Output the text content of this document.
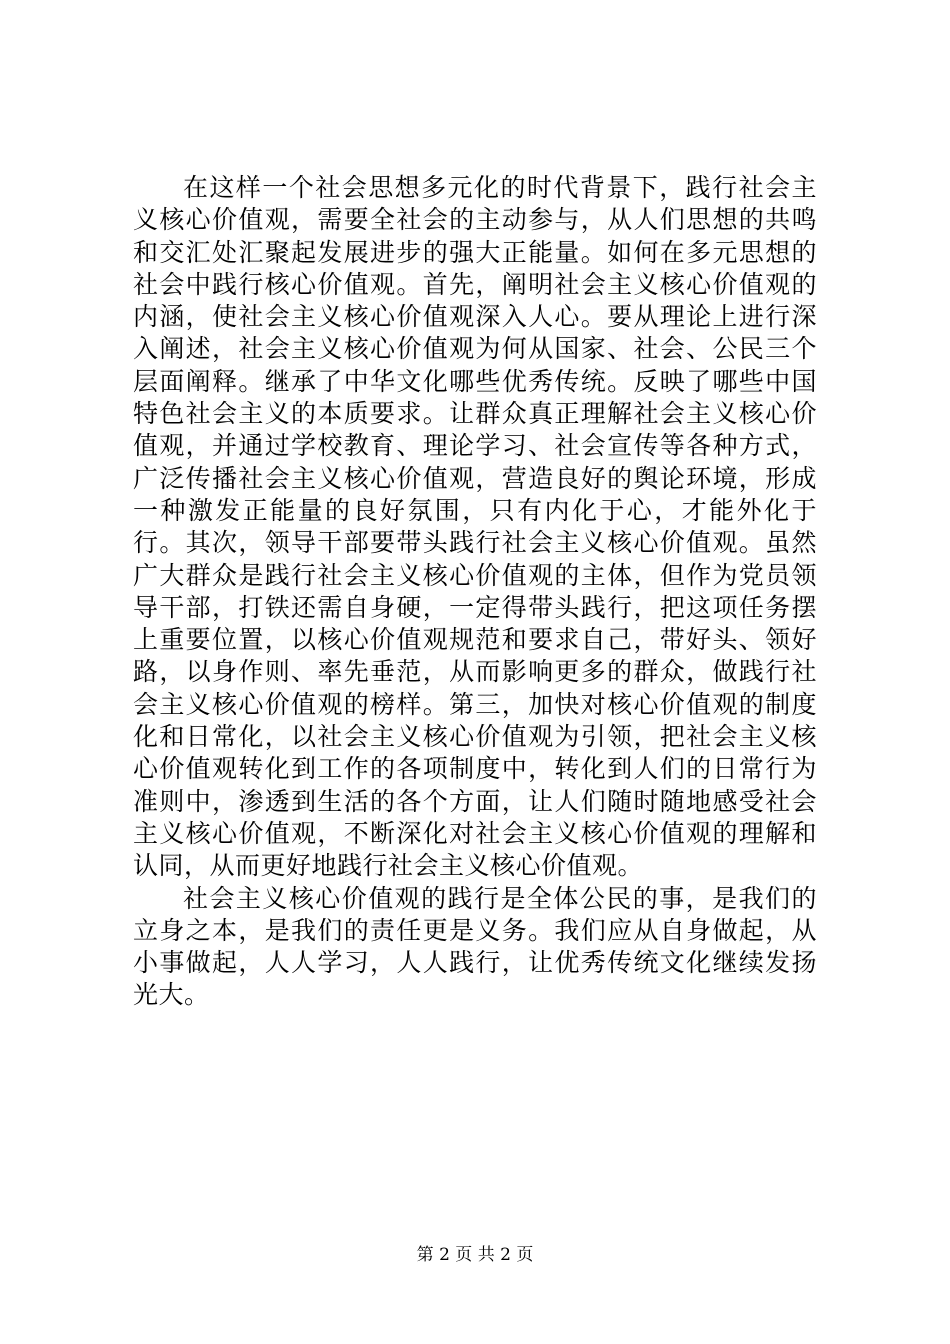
在这样一个社会思想多元化的时代背景下，践行社会主义核心价值观，需要全社会的主动参与，从人们思想的共鸣和交汇处汇聚起发展进步的强大正能量。如何在多元思想的社会中践行核心价值观。首先，阐明社会主义核心价值观的内涵，使社会主义核心价值观深入人心。要从理论上进行深入阐述，社会主义核心价值观为何从国家、社会、公民三个层面阐释。继承了中华文化哪些优秀传统。反映了哪些中国特色社会主义的本质要求。让群众真正理解社会主义核心价值观，并通过学校教育、理论学习、社会宣传等各种方式，广泛传播社会主义核心价值观，营造良好的舆论环境，形成一种激发正能量的良好氛围，只有内化于心，才能外化于行。其次，领导干部要带头践行社会主义核心价值观。虽然广大群众是践行社会主义核心价值观的主体，但作为党员领导干部，打铁还需自身硬，一定得带头践行，把这项任务摆上重要位置，以核心价值观规范和要求自己，带好头、领好路，以身作则、率先垂范，从而影响更多的群众，做践行社会主义核心价值观的榜样。第三，加快对核心价值观的制度化和日常化，以社会主义核心价值观为引领，把社会主义核心价值观转化到工作的各项制度中，转化到人们的日常行为准则中，渗透到生活的各个方面，让人们随时随地感受社会主义核心价值观，不断深化对社会主义核心价值观的理解和认同，从而更好地践行社会主义核心价值观。

社会主义核心价值观的践行是全体公民的事，是我们的立身之本，是我们的责任更是义务。我们应从自身做起，从小事做起，人人学习，人人践行，让优秀传统文化继续发扬光大。

第 2 页 共 2 页
